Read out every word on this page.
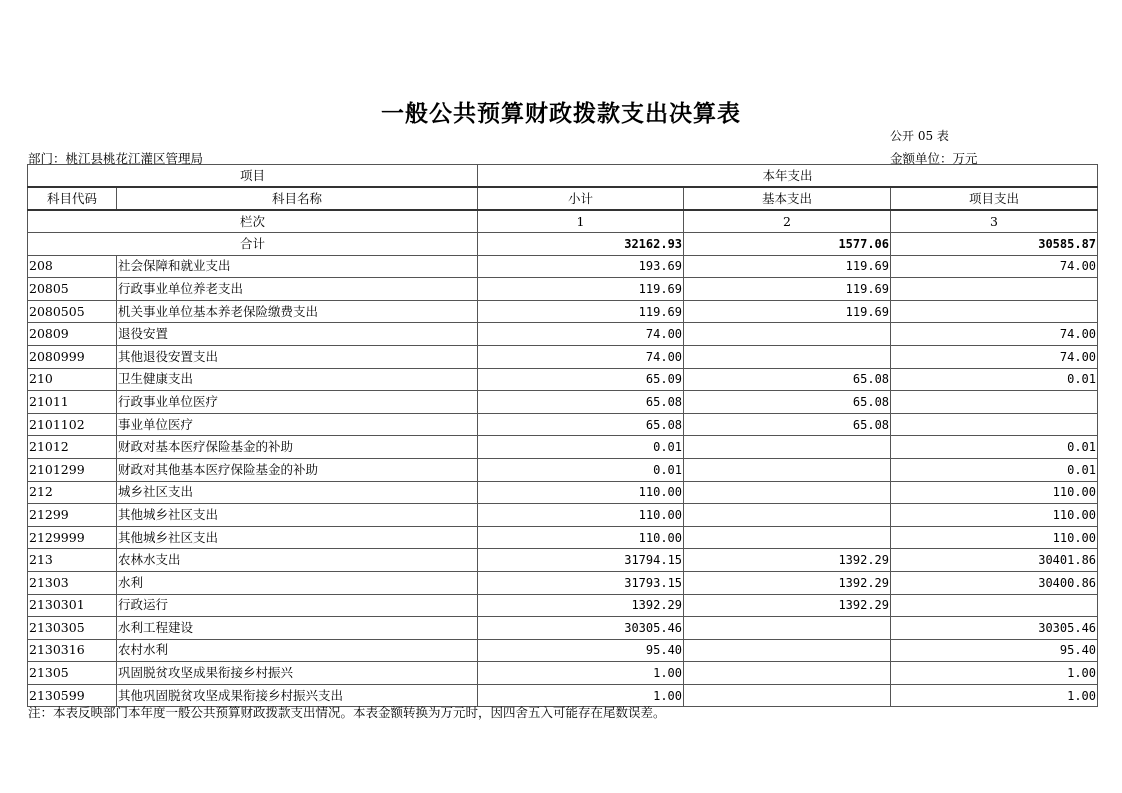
一般公共预算财政拨款支出决算表
公开 05 表
部门：桃江县桃花江灌区管理局	金额单位：万元
项目		本年支出		
科目代码	科目名称	小计	基本支出	项目支出
栏次		1	2	3
合计		32162.93	1577.06	30585.87
208	社会保障和就业支出	193.69	119.69	74.00
20805	行政事业单位养老支出	119.69	119.69	
2080505	机关事业单位基本养老保险缴费支出	119.69	119.69	
20809	退役安置	74.00		74.00
2080999	其他退役安置支出	74.00		74.00
210	卫生健康支出	65.09	65.08	0.01
21011	行政事业单位医疗	65.08	65.08	
2101102	事业单位医疗	65.08	65.08	
21012	财政对基本医疗保险基金的补助	0.01		0.01
2101299	财政对其他基本医疗保险基金的补助	0.01		0.01
212	城乡社区支出	110.00		110.00
21299	其他城乡社区支出	110.00		110.00
2129999	其他城乡社区支出	110.00		110.00
213	农林水支出	31794.15	1392.29	30401.86
21303	水利	31793.15	1392.29	30400.86
2130301	行政运行	1392.29	1392.29	
2130305	水利工程建设	30305.46		30305.46
2130316	农村水利	95.40		95.40
21305	巩固脱贫攻坚成果衔接乡村振兴	1.00		1.00
2130599	其他巩固脱贫攻坚成果衔接乡村振兴支出	1.00		1.00
注：本表反映部门本年度一般公共预算财政拨款支出情况。本表金额转换为万元时，因四舍五入可能存在尾数误差。
